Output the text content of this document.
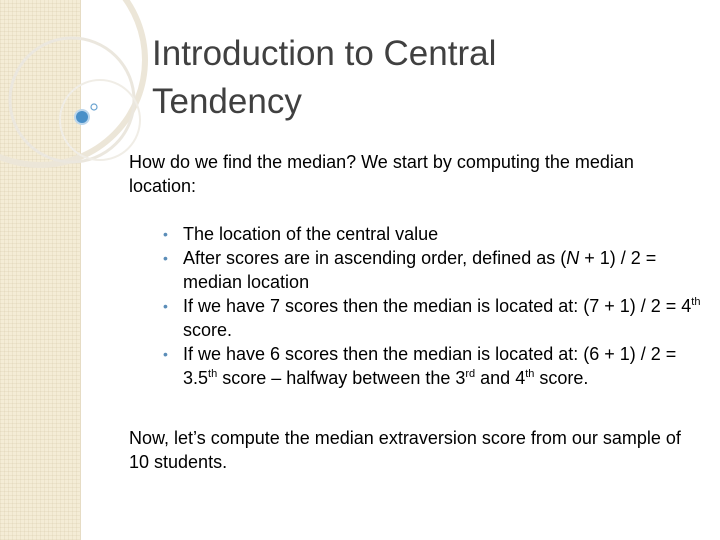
Introduction to Central
Tendency

How do we find the median? We start by computing the median location:

• The location of the central value
• After scores are in ascending order, defined as (N + 1) / 2 = median location
• If we have 7 scores then the median is located at: (7 + 1) / 2 = 4th score.
• If we have 6 scores then the median is located at: (6 + 1) / 2 = 3.5th score – halfway between the 3rd and 4th score.

Now, let’s compute the median extraversion score from our sample of 10 students.
